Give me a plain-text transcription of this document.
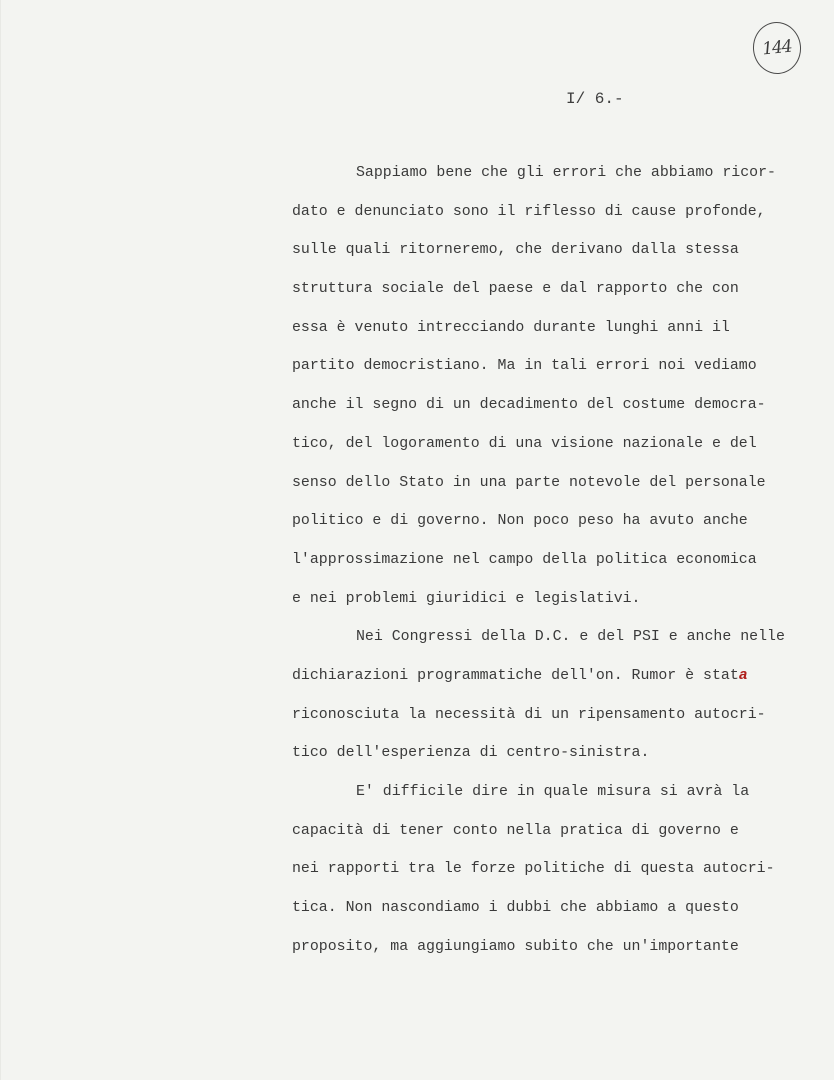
144
I/ 6.-
Sappiamo bene che gli errori che abbiamo ricor-
dato e denunciato sono il riflesso di cause profonde,
sulle quali ritorneremo, che derivano dalla stessa
struttura sociale del paese e dal rapporto che con
essa è venuto intrecciando durante lunghi anni il
partito democristiano. Ma in tali errori noi vediamo
anche il segno di un decadimento del costume democra-
tico, del logoramento di una visione nazionale e del
senso dello Stato in una parte notevole del personale
politico e di governo. Non poco peso ha avuto anche
l'approssimazione nel campo della politica economica
e nei problemi giuridici e legislativi.
Nei Congressi della D.C. e del PSI e anche nelle
dichiarazioni programmatiche dell'on. Rumor è stata
riconosciuta la necessità di un ripensamento autocri-
tico dell'esperienza di centro-sinistra.
E' difficile dire in quale misura si avrà la
capacità di tener conto nella pratica di governo e
nei rapporti tra le forze politiche di questa autocri-
tica. Non nascondiamo i dubbi che abbiamo a questo
proposito, ma aggiungiamo subito che un'importante
